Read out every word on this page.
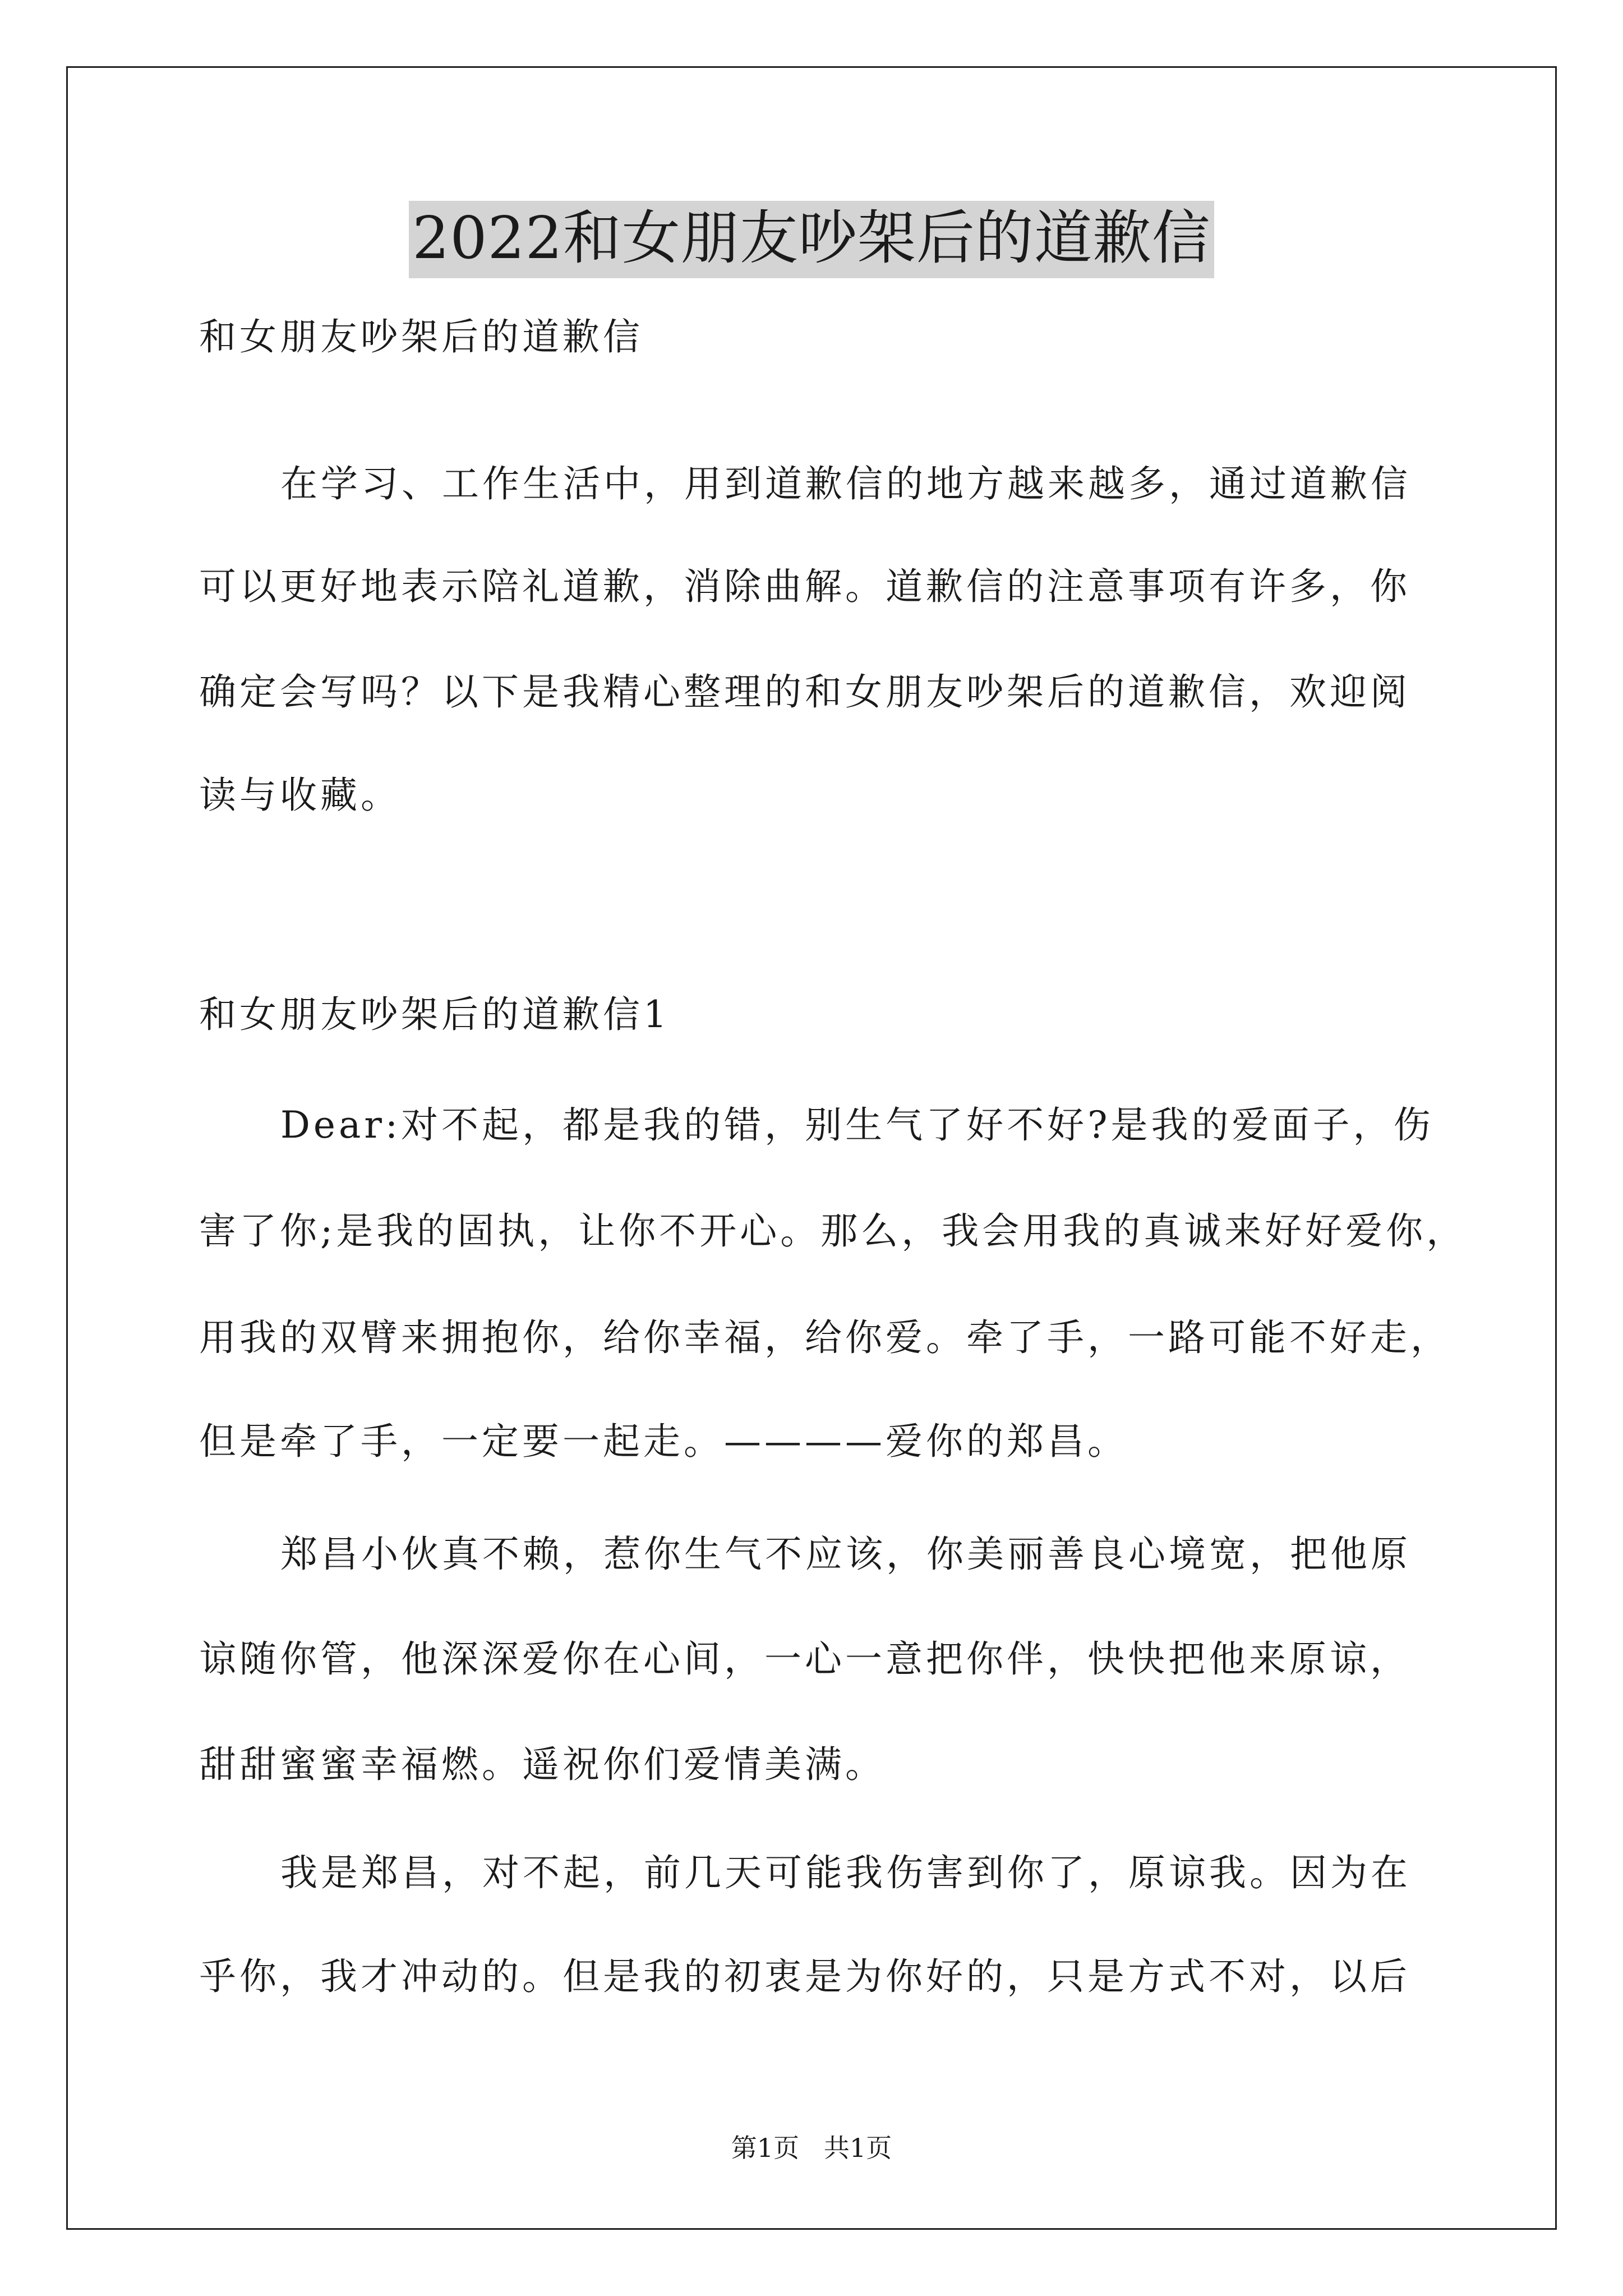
2022和女朋友吵架后的道歉信
和女朋友吵架后的道歉信
在学习、工作生活中，用到道歉信的地方越来越多，通过道歉信
可以更好地表示陪礼道歉，消除曲解。道歉信的注意事项有许多，你
确定会写吗？以下是我精心整理的和女朋友吵架后的道歉信，欢迎阅
读与收藏。
和女朋友吵架后的道歉信1
Dear:对不起，都是我的错，别生气了好不好?是我的爱面子，伤
害了你;是我的固执，让你不开心。那么，我会用我的真诚来好好爱你，
用我的双臂来拥抱你，给你幸福，给你爱。牵了手，一路可能不好走，
但是牵了手，一定要一起走。————爱你的郑昌。
郑昌小伙真不赖，惹你生气不应该，你美丽善良心境宽，把他原
谅随你管，他深深爱你在心间，一心一意把你伴，快快把他来原谅，
甜甜蜜蜜幸福燃。遥祝你们爱情美满。
我是郑昌，对不起，前几天可能我伤害到你了，原谅我。因为在
乎你，我才冲动的。但是我的初衷是为你好的，只是方式不对，以后
第1页   共1页
